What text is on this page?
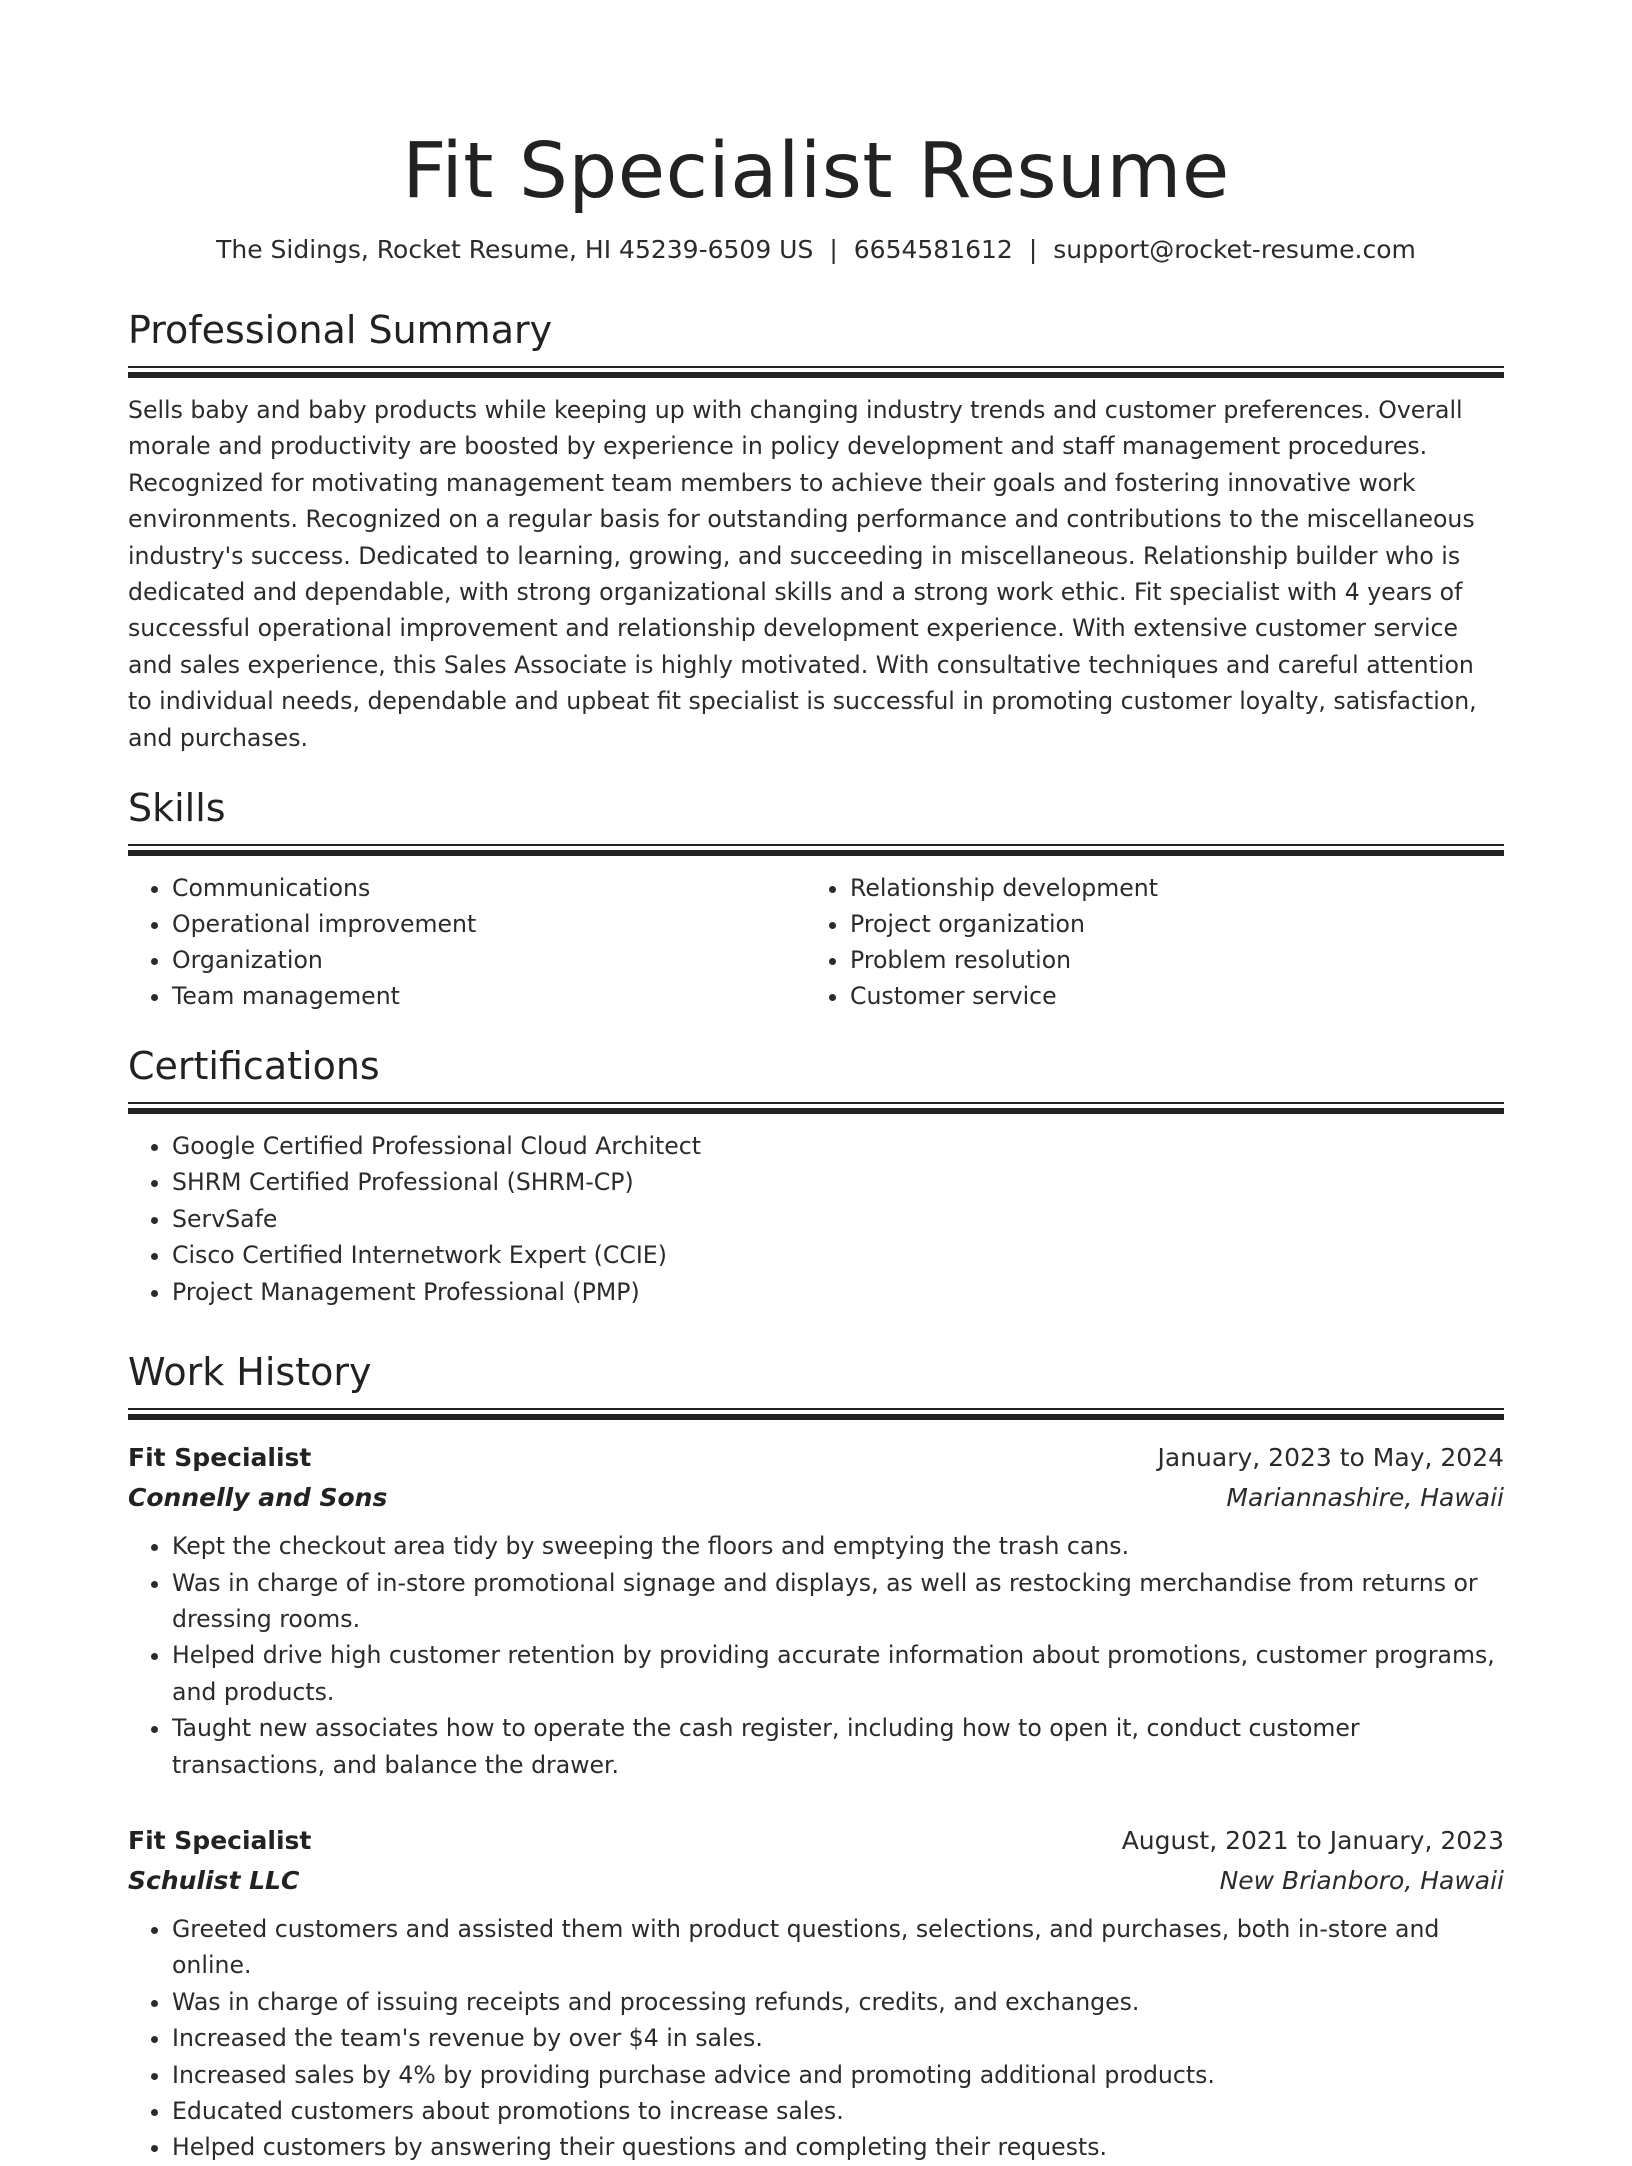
Fit Specialist Resume
The Sidings, Rocket Resume, HI 45239-6509 US | 6654581612 | support@rocket-resume.com
Professional Summary

Sells baby and baby products while keeping up with changing industry trends and customer preferences. Overall morale and productivity are boosted by experience in policy development and staff management procedures. Recognized for motivating management team members to achieve their goals and fostering innovative work environments. Recognized on a regular basis for outstanding performance and contributions to the miscellaneous industry's success. Dedicated to learning, growing, and succeeding in miscellaneous. Relationship builder who is dedicated and dependable, with strong organizational skills and a strong work ethic. Fit specialist with 4 years of successful operational improvement and relationship development experience. With extensive customer service and sales experience, this Sales Associate is highly motivated. With consultative techniques and careful attention to individual needs, dependable and upbeat fit specialist is successful in promoting customer loyalty, satisfaction, and purchases.

Skills
• Communications
• Operational improvement
• Organization
• Team management
• Relationship development
• Project organization
• Problem resolution
• Customer service
Certifications
• Google Certified Professional Cloud Architect
• SHRM Certified Professional (SHRM-CP)
• ServSafe
• Cisco Certified Internetwork Expert (CCIE)
• Project Management Professional (PMP)
Work History
Fit Specialist	January, 2023 to May, 2024
Connelly and Sons	Mariannashire, Hawaii
• Kept the checkout area tidy by sweeping the floors and emptying the trash cans.
• Was in charge of in-store promotional signage and displays, as well as restocking merchandise from returns or dressing rooms.
• Helped drive high customer retention by providing accurate information about promotions, customer programs, and products.
• Taught new associates how to operate the cash register, including how to open it, conduct customer transactions, and balance the drawer.
Fit Specialist	August, 2021 to January, 2023
Schulist LLC	New Brianboro, Hawaii
• Greeted customers and assisted them with product questions, selections, and purchases, both in-store and online.
• Was in charge of issuing receipts and processing refunds, credits, and exchanges.
• Increased the team's revenue by over $4 in sales.
• Increased sales by 4% by providing purchase advice and promoting additional products.
• Educated customers about promotions to increase sales.
• Helped customers by answering their questions and completing their requests.
